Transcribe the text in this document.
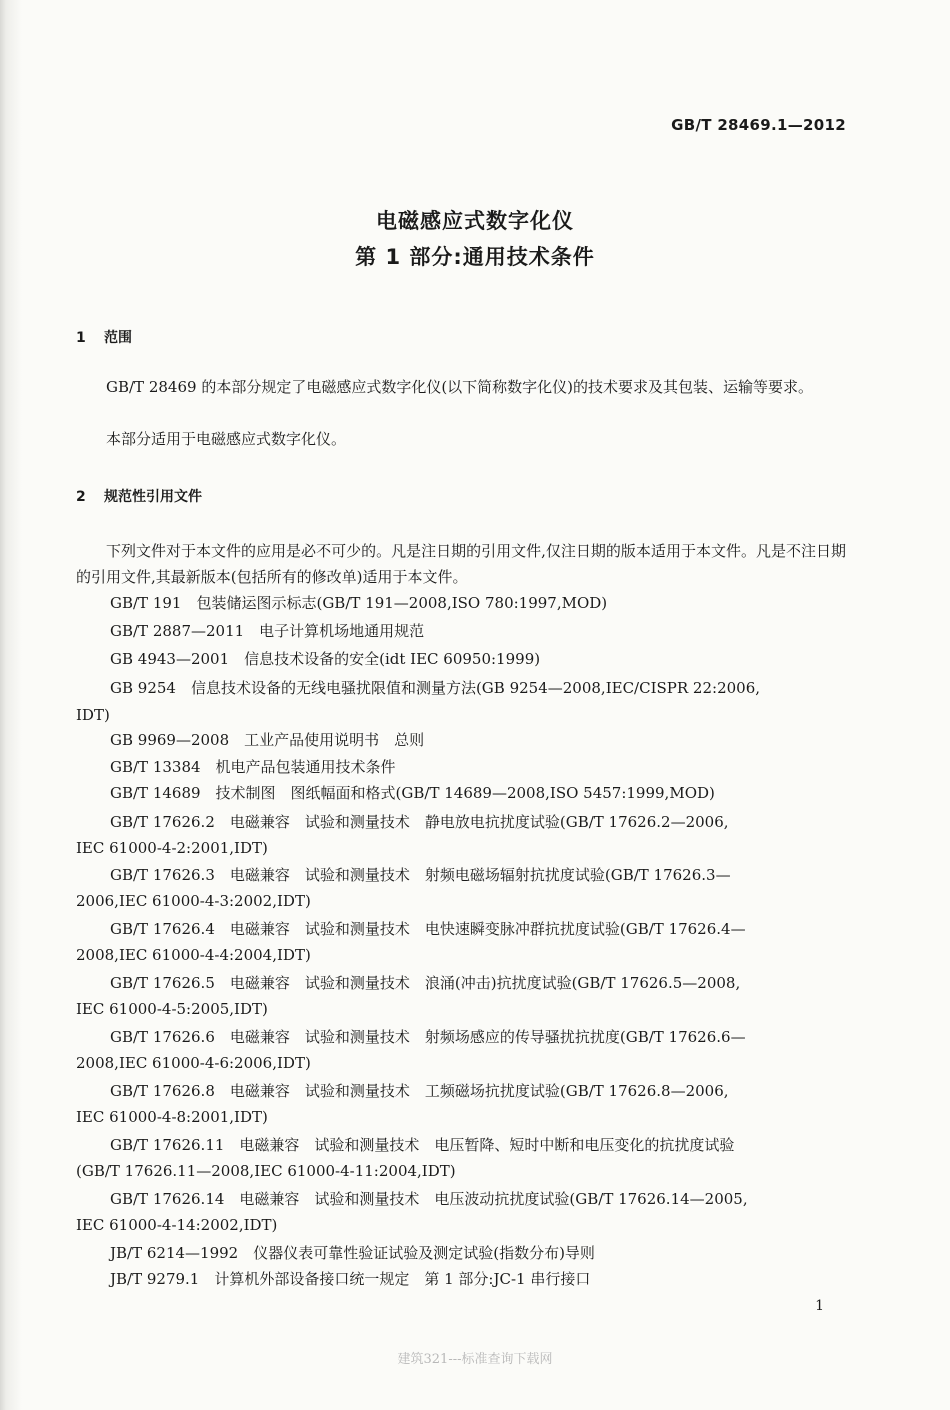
GB/T 28469.1—2012
电磁感应式数字化仪
第 1 部分:通用技术条件
1 范围

GB/T 28469 的本部分规定了电磁感应式数字化仪(以下简称数字化仪)的技术要求及其包装、运输等要求。

本部分适用于电磁感应式数字化仪。

2 规范性引用文件

下列文件对于本文件的应用是必不可少的。凡是注日期的引用文件,仅注日期的版本适用于本文件。凡是不注日期的引用文件,其最新版本(包括所有的修改单)适用于本文件。

GB/T 191　包装储运图示标志(GB/T 191—2008,ISO 780:1997,MOD)

GB/T 2887—2011　电子计算机场地通用规范

GB 4943—2001　信息技术设备的安全(idt IEC 60950:1999)

GB 9254　信息技术设备的无线电骚扰限值和测量方法(GB 9254—2008,IEC/CISPR 22:2006,

IDT)

GB 9969—2008　工业产品使用说明书　总则

GB/T 13384　机电产品包装通用技术条件

GB/T 14689　技术制图　图纸幅面和格式(GB/T 14689—2008,ISO 5457:1999,MOD)

GB/T 17626.2　电磁兼容　试验和测量技术　静电放电抗扰度试验(GB/T 17626.2—2006,

IEC 61000-4-2:2001,IDT)

GB/T 17626.3　电磁兼容　试验和测量技术　射频电磁场辐射抗扰度试验(GB/T 17626.3—

2006,IEC 61000-4-3:2002,IDT)

GB/T 17626.4　电磁兼容　试验和测量技术　电快速瞬变脉冲群抗扰度试验(GB/T 17626.4—

2008,IEC 61000-4-4:2004,IDT)

GB/T 17626.5　电磁兼容　试验和测量技术　浪涌(冲击)抗扰度试验(GB/T 17626.5—2008,

IEC 61000-4-5:2005,IDT)

GB/T 17626.6　电磁兼容　试验和测量技术　射频场感应的传导骚扰抗扰度(GB/T 17626.6—

2008,IEC 61000-4-6:2006,IDT)

GB/T 17626.8　电磁兼容　试验和测量技术　工频磁场抗扰度试验(GB/T 17626.8—2006,

IEC 61000-4-8:2001,IDT)

GB/T 17626.11　电磁兼容　试验和测量技术　电压暂降、短时中断和电压变化的抗扰度试验

(GB/T 17626.11—2008,IEC 61000-4-11:2004,IDT)

GB/T 17626.14　电磁兼容　试验和测量技术　电压波动抗扰度试验(GB/T 17626.14—2005,

IEC 61000-4-14:2002,IDT)

JB/T 6214—1992　仪器仪表可靠性验证试验及测定试验(指数分布)导则

JB/T 9279.1　计算机外部设备接口统一规定　第 1 部分:JC-1 串行接口

1
建筑321---标准查询下载网
